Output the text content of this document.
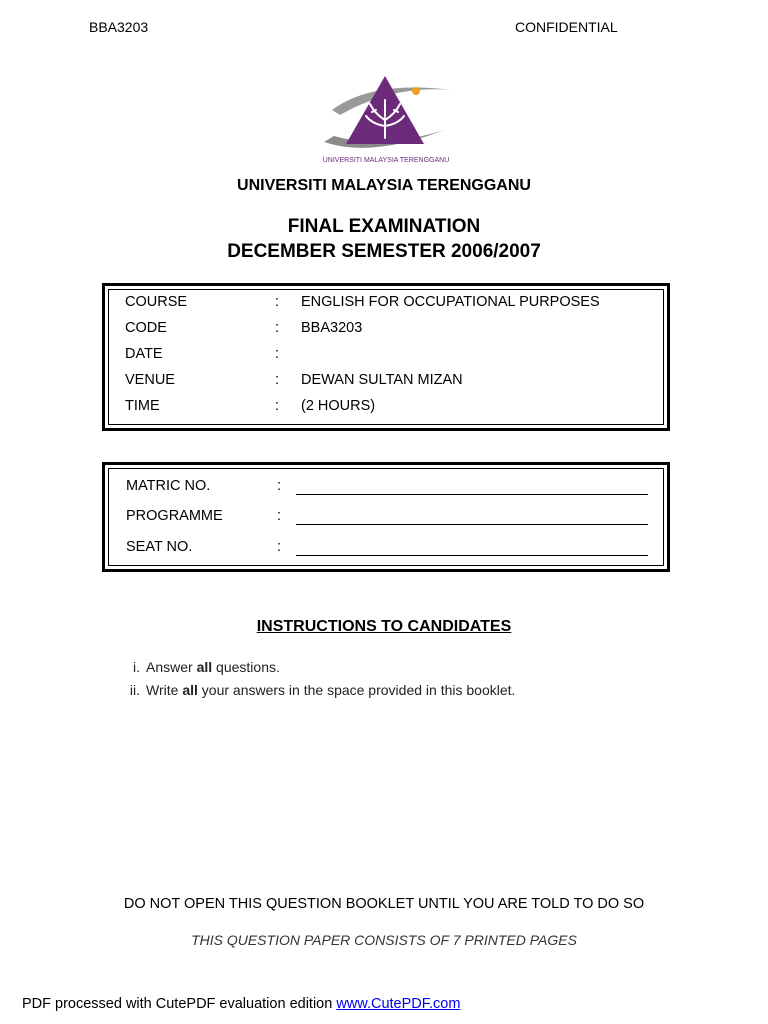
BBA3203	CONFIDENTIAL
UNIVERSITI MALAYSIA TERENGGANU
UNIVERSITI MALAYSIA TERENGGANU
FINAL EXAMINATION
DECEMBER SEMESTER 2006/2007
COURSE	: ENGLISH FOR OCCUPATIONAL PURPOSES
CODE	: BBA3203
DATE	:
VENUE	: DEWAN SULTAN MIZAN
TIME	: (2 HOURS)
MATRIC NO.	:
PROGRAMME	:
SEAT NO.	:
INSTRUCTIONS TO CANDIDATES
i. Answer all questions.
ii. Write all your answers in the space provided in this booklet.
DO NOT OPEN THIS QUESTION BOOKLET UNTIL YOU ARE TOLD TO DO SO
THIS QUESTION PAPER CONSISTS OF 7 PRINTED PAGES
PDF processed with CutePDF evaluation edition www.CutePDF.com
